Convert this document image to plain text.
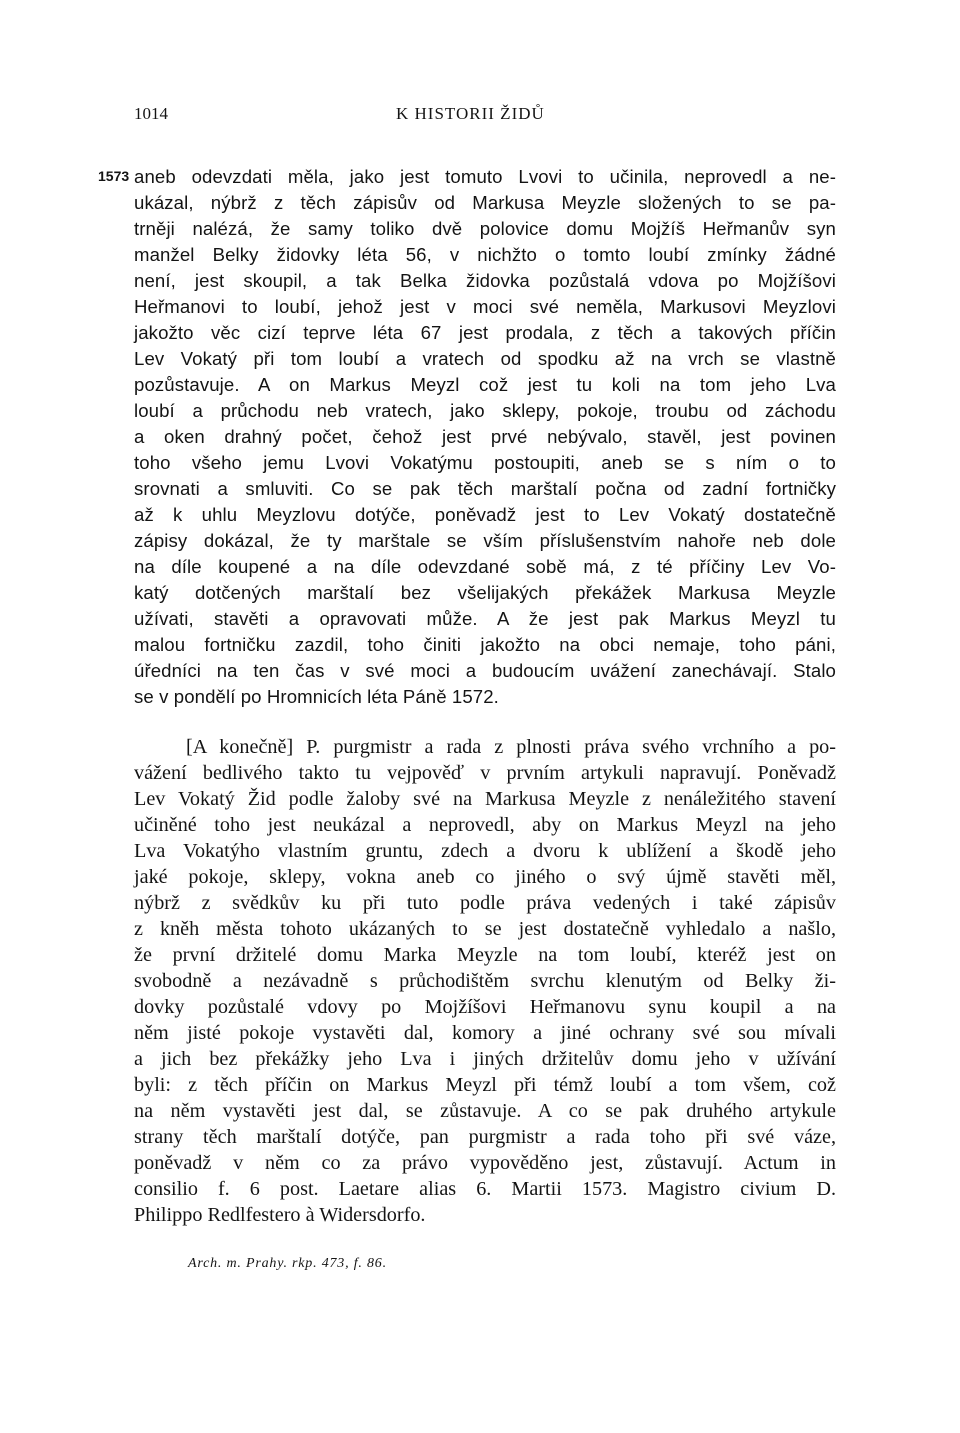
1014	K HISTORII ŽIDŮ
1573 aneb odevzdati měla, jako jest tomuto Lvovi to učinila, neprovedl a ne-
ukázal, nýbrž z těch zápisův od Markusa Meyzle složených to se pa-
trněji nalézá, že samy toliko dvě polovice domu Mojžíš Heřmanův syn
manžel Belky židovky léta 56, v nichžto o tomto loubí zmínky žádné
není, jest skoupil, a tak Belka židovka pozůstalá vdova po Mojžíšovi
Heřmanovi to loubí, jehož jest v moci své neměla, Markusovi Meyzlovi
jakožto věc cizí teprve léta 67 jest prodala, z těch a takových příčin
Lev Vokatý při tom loubí a vratech od spodku až na vrch se vlastně
pozůstavuje. A on Markus Meyzl což jest tu koli na tom jeho Lva
loubí a průchodu neb vratech, jako sklepy, pokoje, troubu od záchodu
a oken drahný počet, čehož jest prvé nebývalo, stavěl, jest povinen
toho všeho jemu Lvovi Vokatýmu postoupiti, aneb se s ním o to
srovnati a smluviti. Co se pak těch marštalí počna od zadní fortničky
až k uhlu Meyzlovu dotýče, poněvadž jest to Lev Vokatý dostatečně
zápisy dokázal, že ty marštale se vším příslušenstvím nahoře neb dole
na díle koupené a na díle odevzdané sobě má, z té příčiny Lev Vo-
katý dotčených marštalí bez všelijakých překážek Markusa Meyzle
užívati, stavěti a opravovati může. A že jest pak Markus Meyzl tu
malou fortničku zazdil, toho činiti jakožto na obci nemaje, toho páni,
úředníci na ten čas v své moci a budoucím uvážení zanechávají. Stalo
se v pondělí po Hromnicích léta Páně 1572.
[A konečně] P. purgmistr a rada z plnosti práva svého vrchního a po-
vážení bedlivého takto tu vejpověď v prvním artykuli napravují. Poněvadž
Lev Vokatý Žid podle žaloby své na Markusa Meyzle z nenáležitého stavení
učiněné toho jest neukázal a neprovedl, aby on Markus Meyzl na jeho
Lva Vokatýho vlastním gruntu, zdech a dvoru k ublížení a škodě jeho
jaké pokoje, sklepy, vokna aneb co jiného o svý újmě stavěti měl,
nýbrž z svědkův ku při tuto podle práva vedených i také zápisův
z kněh města tohoto ukázaných to se jest dostatečně vyhledalo a našlo,
že první držitelé domu Marka Meyzle na tom loubí, kteréž jest on
svobodně a nezávadně s průchodištěm svrchu klenutým od Belky ži-
dovky pozůstalé vdovy po Mojžíšovi Heřmanovu synu koupil a na
něm jisté pokoje vystavěti dal, komory a jiné ochrany své sou mívali
a jich bez překážky jeho Lva i jiných držitelův domu jeho v užívání
byli: z těch příčin on Markus Meyzl při témž loubí a tom všem, což
na něm vystavěti jest dal, se zůstavuje. A co se pak druhého artykule
strany těch marštalí dotýče, pan purgmistr a rada toho při své váze,
poněvadž v něm co za právo vypověděno jest, zůstavují. Actum in
consilio f. 6 post. Laetare alias 6. Martii 1573. Magistro civium D.
Philippo Redlfestero à Widersdorfo.
Arch. m. Prahy. rkp. 473, f. 86.
